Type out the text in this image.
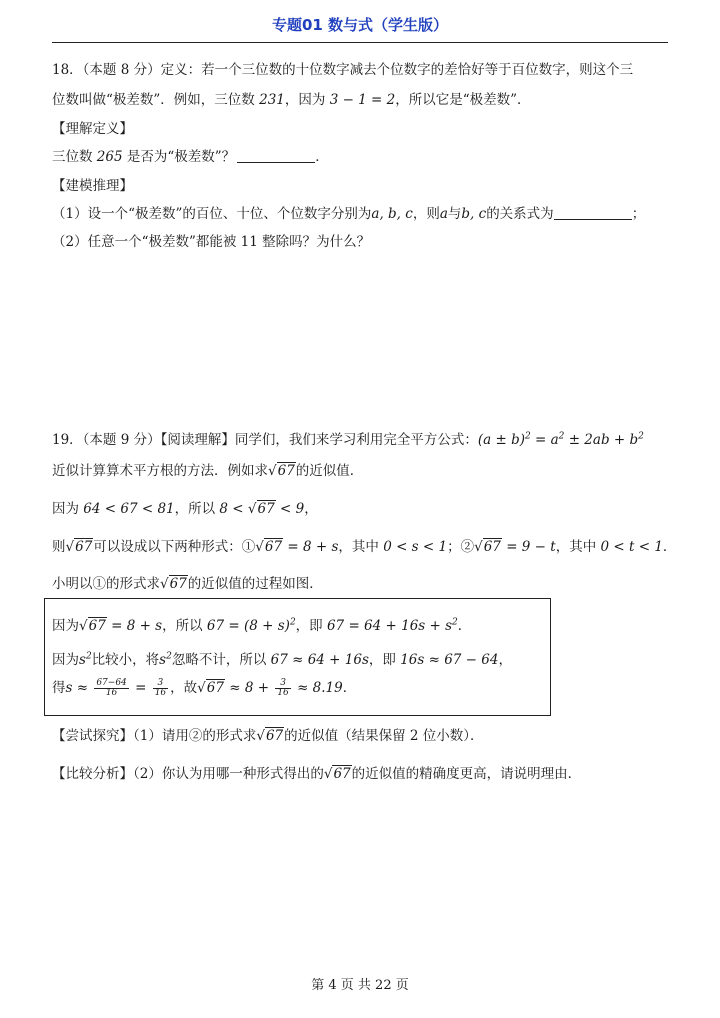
专题01 数与式（学生版）
18．（本题 8 分）定义：若一个三位数的十位数字减去个位数字的差恰好等于百位数字，则这个三
位数叫做“极差数”．例如，三位数 231，因为 3 − 1 = 2，所以它是“极差数”．
【理解定义】
三位数 265 是否为“极差数”？	．
【建模推理】
（1）设一个“极差数”的百位、十位、个位数字分别为a, b, c，则a与b, c的关系式为	；
（2）任意一个“极差数”都能被 11 整除吗？为什么？
19．（本题 9 分）【阅读理解】同学们，我们来学习利用完全平方公式：$(a \pm b)^2 = a^2 \pm 2ab + b^2$
近似计算算术平方根的方法．例如求√67的近似值．
因为 64 < 67 < 81，所以 8 < √67 < 9，
则√67可以设成以下两种形式：①√67 = 8 + s，其中 0 < s < 1；②√67 = 9 − t，其中 0 < t < 1．
小明以①的形式求√67的近似值的过程如图．
因为√67 = 8 + s，所以 $67 = (8 + s)^2$，即 $67 = 64 + 16s + s^2$．
因为$s^2$比较小，将$s^2$忽略不计，所以 67 ≈ 64 + 16s，即 16s ≈ 67 − 64，
得$s \approx \frac{67-64}{16} = \frac{3}{16}$ ，故$√67 \approx 8 + \frac{3}{16} \approx 8.19$．
【尝试探究】（1）请用②的形式求√67的近似值（结果保留 2 位小数）．
【比较分析】（2）你认为用哪一种形式得出的√67的近似值的精确度更高，请说明理由．
第 4 页 共 22 页
